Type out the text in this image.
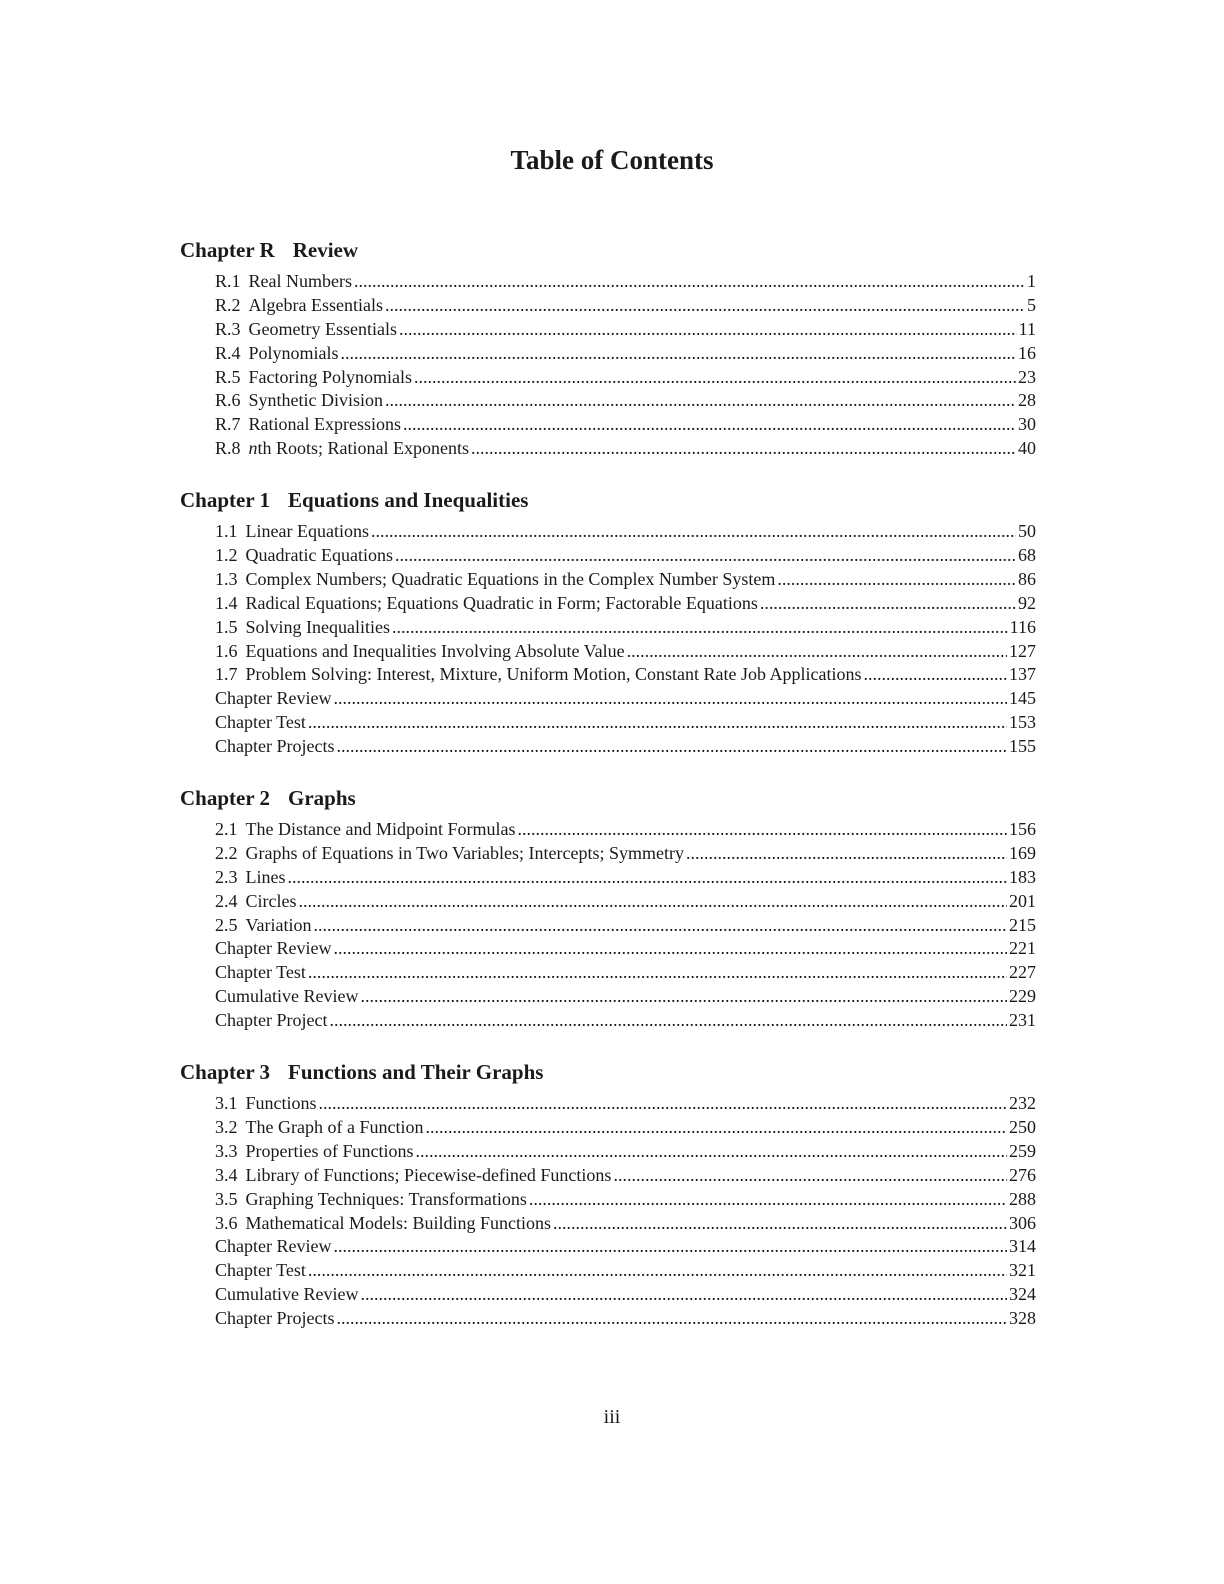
Table of Contents
Chapter R Review
R.1 Real Numbers .....	1
R.2 Algebra Essentials .....	5
R.3 Geometry Essentials .....	11
R.4 Polynomials .....	16
R.5 Factoring Polynomials .....	23
R.6 Synthetic Division .....	28
R.7 Rational Expressions .....	30
R.8 nth Roots; Rational Exponents .....	40
Chapter 1 Equations and Inequalities
1.1 Linear Equations .....	50
1.2 Quadratic Equations .....	68
1.3 Complex Numbers; Quadratic Equations in the Complex Number System .....	86
1.4 Radical Equations; Equations Quadratic in Form; Factorable Equations .....	92
1.5 Solving Inequalities .....	116
1.6 Equations and Inequalities Involving Absolute Value .....	127
1.7 Problem Solving: Interest, Mixture, Uniform Motion, Constant Rate Job Applications .....	137
Chapter Review .....	145
Chapter Test .....	153
Chapter Projects .....	155
Chapter 2 Graphs
2.1 The Distance and Midpoint Formulas .....	156
2.2 Graphs of Equations in Two Variables; Intercepts; Symmetry .....	169
2.3 Lines .....	183
2.4 Circles .....	201
2.5 Variation .....	215
Chapter Review .....	221
Chapter Test .....	227
Cumulative Review .....	229
Chapter Project .....	231
Chapter 3 Functions and Their Graphs
3.1 Functions .....	232
3.2 The Graph of a Function .....	250
3.3 Properties of Functions .....	259
3.4 Library of Functions; Piecewise-defined Functions .....	276
3.5 Graphing Techniques: Transformations .....	288
3.6 Mathematical Models: Building Functions .....	306
Chapter Review .....	314
Chapter Test .....	321
Cumulative Review .....	324
Chapter Projects .....	328
iii
